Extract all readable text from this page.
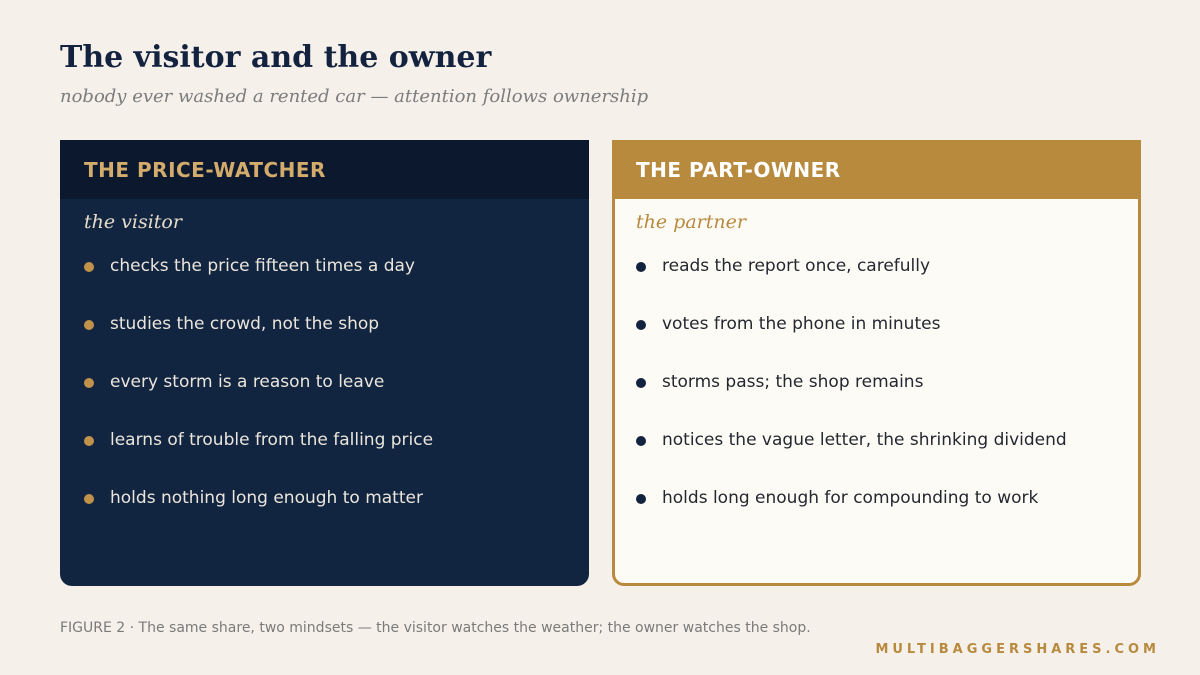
The visitor and the owner
nobody ever washed a rented car — attention follows ownership
THE PRICE-WATCHER
the visitor
checks the price fifteen times a day
studies the crowd, not the shop
every storm is a reason to leave
learns of trouble from the falling price
holds nothing long enough to matter
THE PART-OWNER
the partner
reads the report once, carefully
votes from the phone in minutes
storms pass; the shop remains
notices the vague letter, the shrinking dividend
holds long enough for compounding to work
FIGURE 2 · The same share, two mindsets — the visitor watches the weather; the owner watches the shop.
MULTIBAGGERSHARES.COM
